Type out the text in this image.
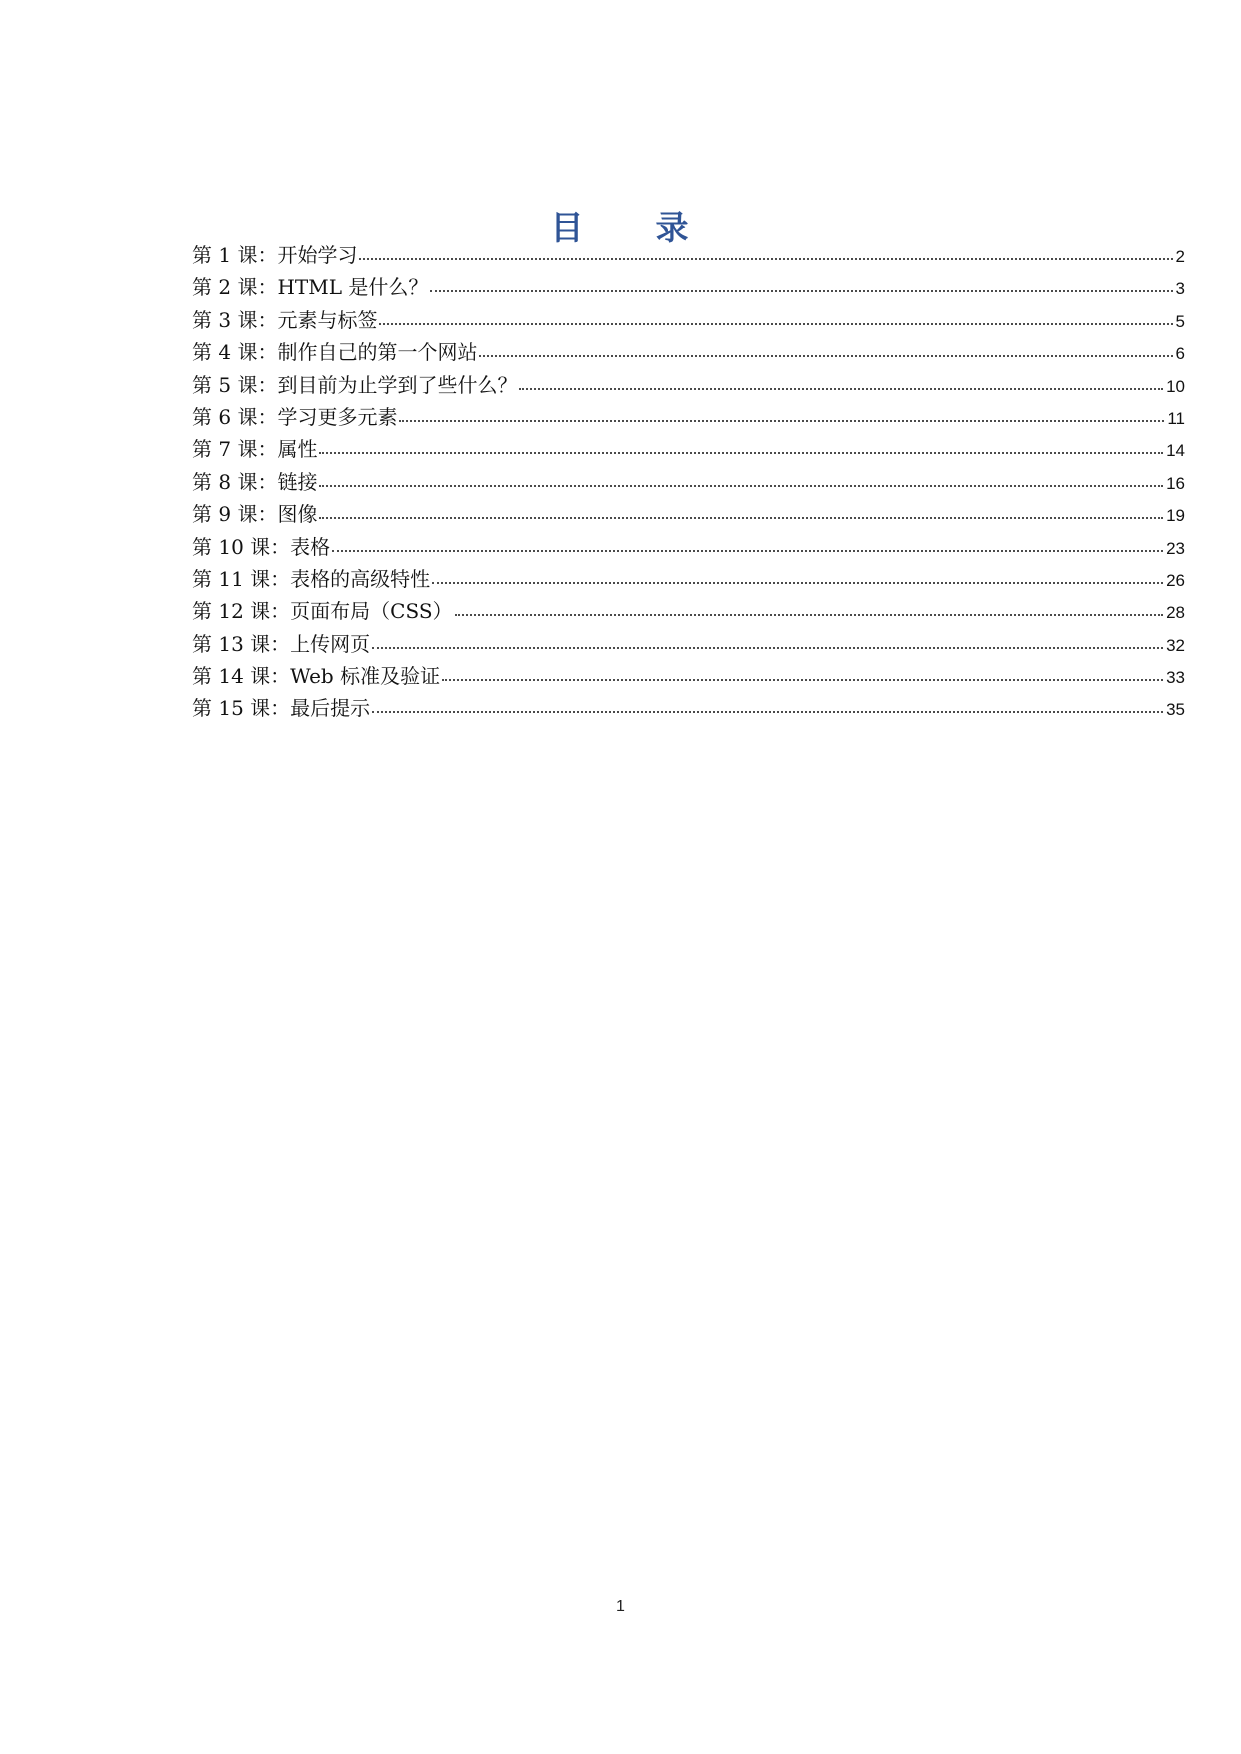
目　　录
第 1 课：开始学习	2
第 2 课：HTML 是什么？	3
第 3 课：元素与标签	5
第 4 课：制作自己的第一个网站	6
第 5 课：到目前为止学到了些什么？	10
第 6 课：学习更多元素	11
第 7 课：属性	14
第 8 课：链接	16
第 9 课：图像	19
第 10 课：表格	23
第 11 课：表格的高级特性	26
第 12 课：页面布局（CSS）	28
第 13 课：上传网页	32
第 14 课：Web 标准及验证	33
第 15 课：最后提示	35
1
